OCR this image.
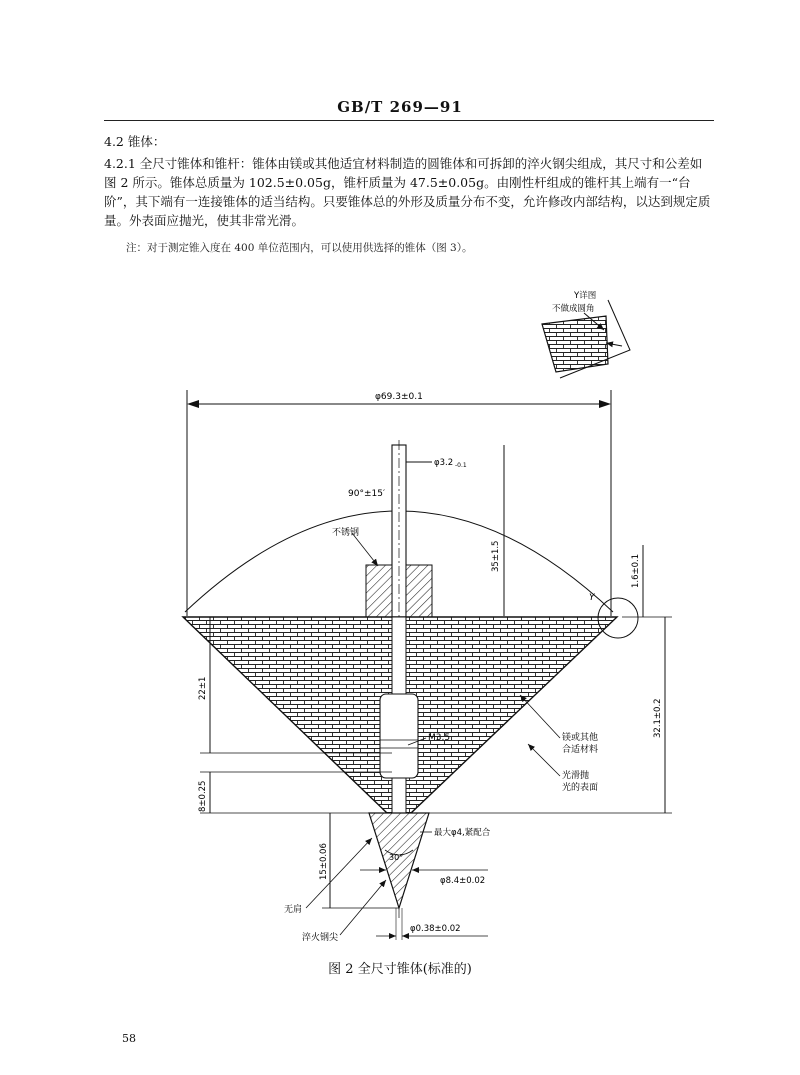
GB/T 269—91
4.2 锥体：
4.2.1 全尺寸锥体和锥杆：锥体由镁或其他适宜材料制造的圆锥体和可拆卸的淬火钢尖组成，其尺寸和公差如图 2 所示。锥体总质量为 102.5±0.05g，锥杆质量为 47.5±0.05g。由刚性杆组成的锥杆其上端有一“台阶”，其下端有一连接锥体的适当结构。只要锥体总的外形及质量分布不变，允许修改内部结构，以达到规定质量。外表面应抛光，使其非常光滑。
注：对于测定锥入度在 400 单位范围内，可以使用供选择的锥体（图 3）。
Y详图
不做成圆角
φ69.3±0.1
90°±15′
φ3.2 -0.1
35±1.5
不锈钢
22±1
8±0.25
15±0.06
M3.5	32.1±0.2
1.6±0.1
Y
镁或其他
合适材料
光滑抛
光的表面
最大φ4,紧配合
30°
φ8.4±0.02
φ0.38±0.02
无肩
淬火钢尖
图 2 全尺寸锥体(标准的)
58
